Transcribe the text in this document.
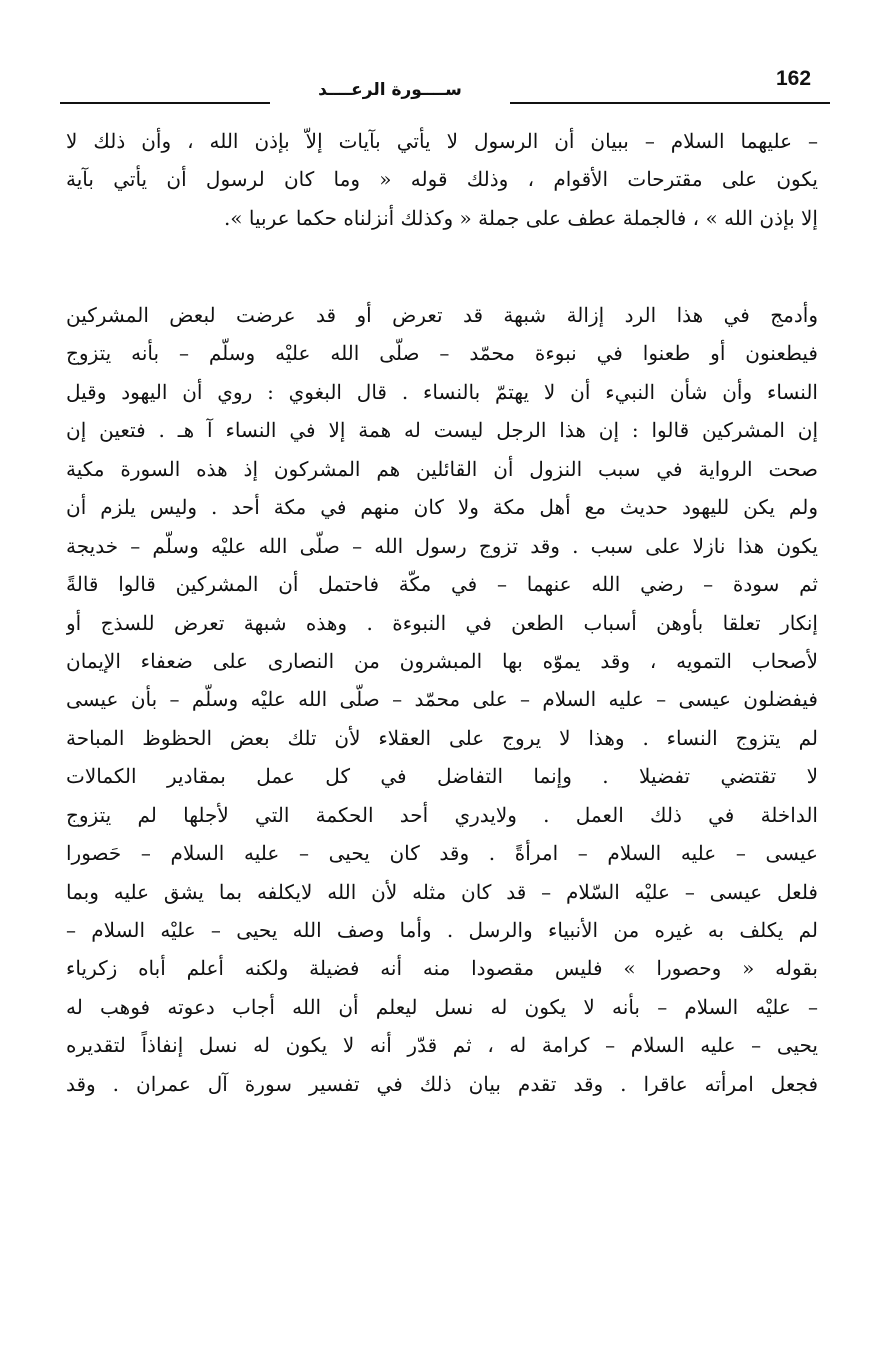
162
ســــورة الرعــــد
– عليهما السلام – ببيان أن الرسول لا يأتي بآيات إلاّ بإذن الله ، وأن ذلك لا
يكون على مقترحات الأقوام ، وذلك قوله « وما كان لرسول أن يأتي بآية
إلا بإذن الله » ، فالجملة عطف على جملة « وكذلك أنزلناه حكما عربيا ».
وأدمج في هذا الرد إزالة شبهة قد تعرض أو قد عرضت لبعض المشركين
فيطعنون أو طعنوا في نبوءة محمّد – صلّى الله عليْه وسلّم – بأنه يتزوج
النساء وأن شأن النبيء أن لا يهتمّ بالنساء . قال البغوي : روي أن اليهود وقيل
إن المشركين قالوا : إن هذا الرجل ليست له همة إلا في النساء آ هـ . فتعين إن
صحت الرواية في سبب النزول أن القائلين هم المشركون إذ هذه السورة مكية
ولم يكن لليهود حديث مع أهل مكة ولا كان منهم في مكة أحد . وليس يلزم أن
يكون هذا نازلا على سبب . وقد تزوج رسول الله – صلّى الله عليْه وسلّم – خديجة
ثم سودة – رضي الله عنهما – في مكّة فاحتمل أن المشركين قالوا قالةً
إنكار تعلقا بأوهن أسباب الطعن في النبوءة . وهذه شبهة تعرض للسذج أو
لأصحاب التمويه ، وقد يموّه بها المبشرون من النصارى على ضعفاء الإيمان
فيفضلون عيسى – عليه السلام – على محمّد – صلّى الله عليْه وسلّم – بأن عيسى
لم يتزوج النساء . وهذا لا يروج على العقلاء لأن تلك بعض الحظوظ المباحة
لا تقتضي تفضيلا . وإنما التفاضل في كل عمل بمقادير الكمالات
الداخلة في ذلك العمل . ولايدري أحد الحكمة التي لأجلها لم يتزوج
عيسى – عليه السلام – امرأةً . وقد كان يحيى – عليه السلام – حَصورا
فلعل عيسى – عليْه السّلام – قد كان مثله لأن الله لايكلفه بما يشق عليه وبما
لم يكلف به غيره من الأنبياء والرسل . وأما وصف الله يحيى – عليْه السلام –
بقوله « وحصورا » فليس مقصودا منه أنه فضيلة ولكنه أعلم أباه زكرياء
– عليْه السلام – بأنه لا يكون له نسل ليعلم أن الله أجاب دعوته فوهب له
يحيى – عليه السلام – كرامة له ، ثم قدّر أنه لا يكون له نسل إنفاذاً لتقديره
فجعل امرأته عاقرا . وقد تقدم بيان ذلك في تفسير سورة آل عمران . وقد
